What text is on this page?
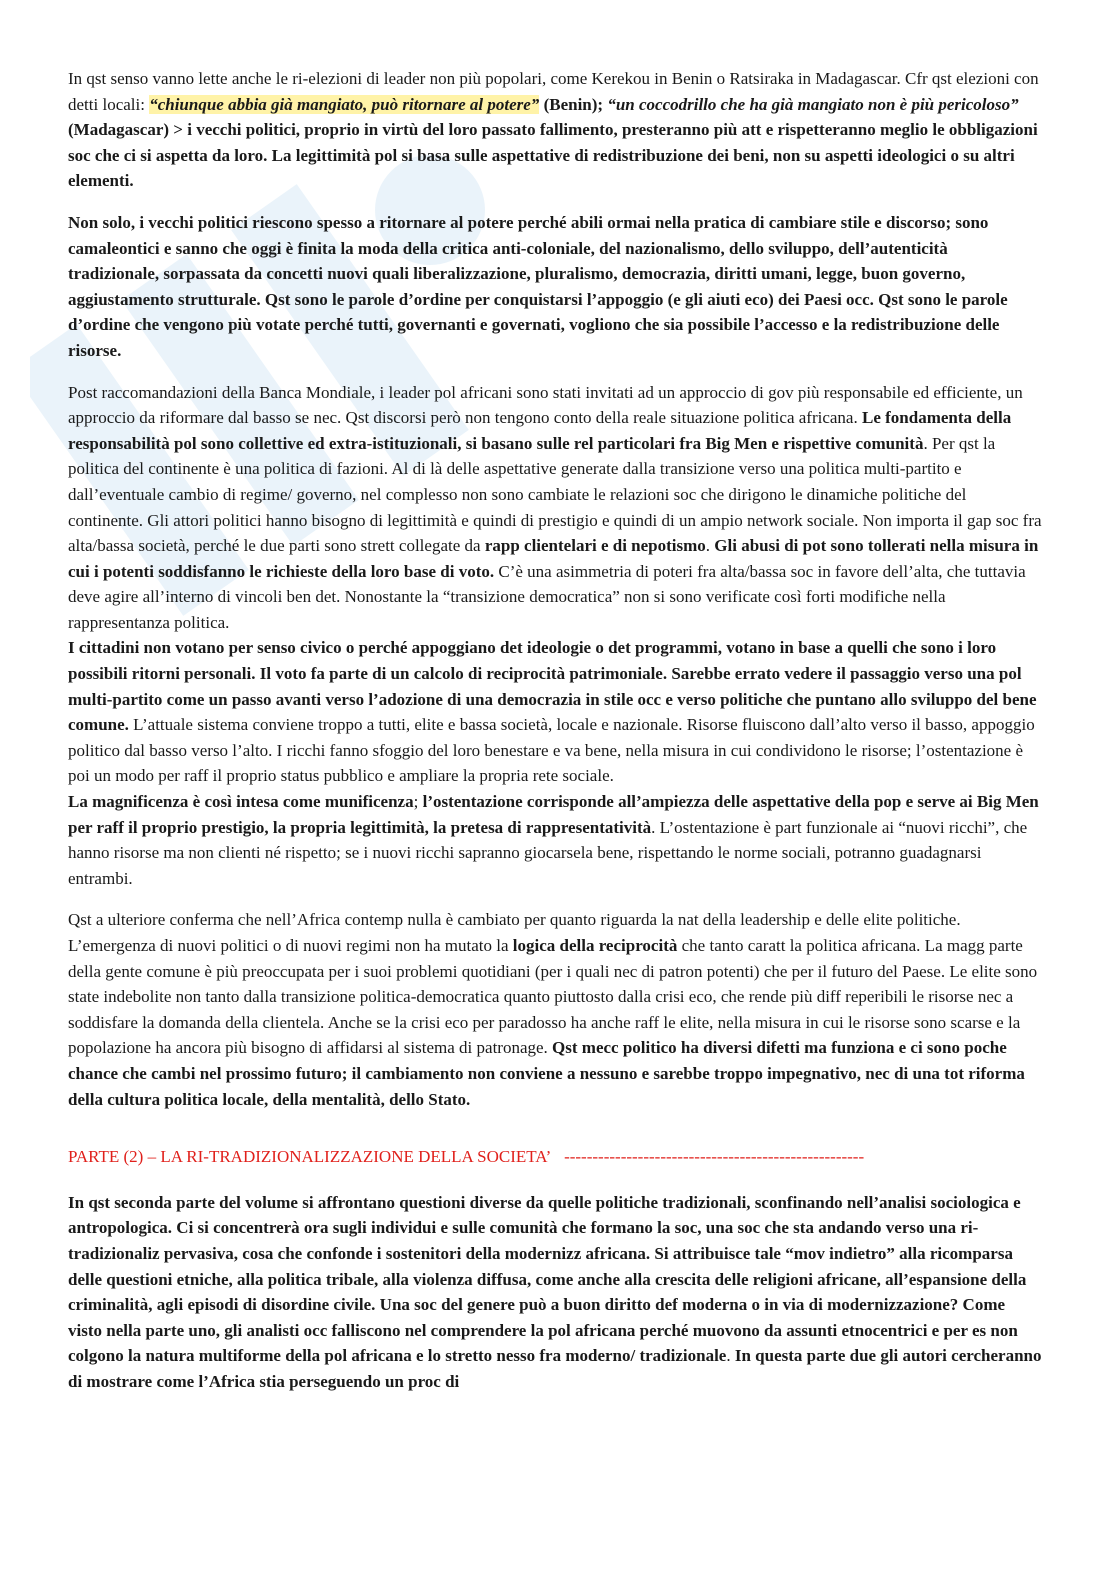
In qst senso vanno lette anche le ri-elezioni di leader non più popolari, come Kerekou in Benin o Ratsiraka in Madagascar. Cfr qst elezioni con detti locali: “chiunque abbia già mangiato, può ritornare al potere” (Benin); “un coccodrillo che ha già mangiato non è più pericoloso” (Madagascar) > i vecchi politici, proprio in virtù del loro passato fallimento, presteranno più att e rispetteranno meglio le obbligazioni soc che ci si aspetta da loro. La legittimità pol si basa sulle aspettative di redistribuzione dei beni, non su aspetti ideologici o su altri elementi.

Non solo, i vecchi politici riescono spesso a ritornare al potere perché abili ormai nella pratica di cambiare stile e discorso; sono camaleontici e sanno che oggi è finita la moda della critica anti-coloniale, del nazionalismo, dello sviluppo, dell’autenticità tradizionale, sorpassata da concetti nuovi quali liberalizzazione, pluralismo, democrazia, diritti umani, legge, buon governo, aggiustamento strutturale. Qst sono le parole d’ordine per conquistarsi l’appoggio (e gli aiuti eco) dei Paesi occ. Qst sono le parole d’ordine che vengono più votate perché tutti, governanti e governati, vogliono che sia possibile l’accesso e la redistribuzione delle risorse.

Post raccomandazioni della Banca Mondiale, i leader pol africani sono stati invitati ad un approccio di gov più responsabile ed efficiente, un approccio da riformare dal basso se nec. Qst discorsi però non tengono conto della reale situazione politica africana. Le fondamenta della responsabilità pol sono collettive ed extra-istituzionali, si basano sulle rel particolari fra Big Men e rispettive comunità. Per qst la politica del continente è una politica di fazioni. Al di là delle aspettative generate dalla transizione verso una politica multi-partito e dall’eventuale cambio di regime/ governo, nel complesso non sono cambiate le relazioni soc che dirigono le dinamiche politiche del continente. Gli attori politici hanno bisogno di legittimità e quindi di prestigio e quindi di un ampio network sociale. Non importa il gap soc fra alta/bassa società, perché le due parti sono strett collegate da rapp clientelari e di nepotismo. Gli abusi di pot sono tollerati nella misura in cui i potenti soddisfanno le richieste della loro base di voto. C’è una asimmetria di poteri fra alta/bassa soc in favore dell’alta, che tuttavia deve agire all’interno di vincoli ben det. Nonostante la “transizione democratica” non si sono verificate così forti modifiche nella rappresentanza politica.

I cittadini non votano per senso civico o perché appoggiano det ideologie o det programmi, votano in base a quelli che sono i loro possibili ritorni personali. Il voto fa parte di un calcolo di reciprocità patrimoniale. Sarebbe errato vedere il passaggio verso una pol multi-partito come un passo avanti verso l’adozione di una democrazia in stile occ e verso politiche che puntano allo sviluppo del bene comune. L’attuale sistema conviene troppo a tutti, elite e bassa società, locale e nazionale. Risorse fluiscono dall’alto verso il basso, appoggio politico dal basso verso l’alto. I ricchi fanno sfoggio del loro benestare e va bene, nella misura in cui condividono le risorse; l’ostentazione è poi un modo per raff il proprio status pubblico e ampliare la propria rete sociale.

La magnificenza è così intesa come munificenza; l’ostentazione corrisponde all’ampiezza delle aspettative della pop e serve ai Big Men per raff il proprio prestigio, la propria legittimità, la pretesa di rappresentatività. L’ostentazione è part funzionale ai “nuovi ricchi”, che hanno risorse ma non clienti né rispetto; se i nuovi ricchi sapranno giocarsela bene, rispettando le norme sociali, potranno guadagnarsi entrambi.

Qst a ulteriore conferma che nell’Africa contemp nulla è cambiato per quanto riguarda la nat della leadership e delle elite politiche. L’emergenza di nuovi politici o di nuovi regimi non ha mutato la logica della reciprocità che tanto caratt la politica africana. La magg parte della gente comune è più preoccupata per i suoi problemi quotidiani (per i quali nec di patron potenti) che per il futuro del Paese. Le elite sono state indebolite non tanto dalla transizione politica-democratica quanto piuttosto dalla crisi eco, che rende più diff reperibili le risorse nec a soddisfare la domanda della clientela. Anche se la crisi eco per paradosso ha anche raff le elite, nella misura in cui le risorse sono scarse e la popolazione ha ancora più bisogno di affidarsi al sistema di patronage. Qst mecc politico ha diversi difetti ma funziona e ci sono poche chance che cambi nel prossimo futuro; il cambiamento non conviene a nessuno e sarebbe troppo impegnativo, nec di una tot riforma della cultura politica locale, della mentalità, dello Stato.

PARTE (2) – LA RI-TRADIZIONALIZZAZIONE DELLA SOCIETA’ -----------------------------------------------------

In qst seconda parte del volume si affrontano questioni diverse da quelle politiche tradizionali, sconfinando nell’analisi sociologica e antropologica. Ci si concentrerà ora sugli individui e sulle comunità che formano la soc, una soc che sta andando verso una ri-tradizionaliz pervasiva, cosa che confonde i sostenitori della modernizz africana. Si attribuisce tale “mov indietro” alla ricomparsa delle questioni etniche, alla politica tribale, alla violenza diffusa, come anche alla crescita delle religioni africane, all’espansione della criminalità, agli episodi di disordine civile. Una soc del genere può a buon diritto def moderna o in via di modernizzazione? Come visto nella parte uno, gli analisti occ falliscono nel comprendere la pol africana perché muovono da assunti etnocentrici e per es non colgono la natura multiforme della pol africana e lo stretto nesso fra moderno/ tradizionale. In questa parte due gli autori cercheranno di mostrare come l’Africa stia perseguendo un proc di
